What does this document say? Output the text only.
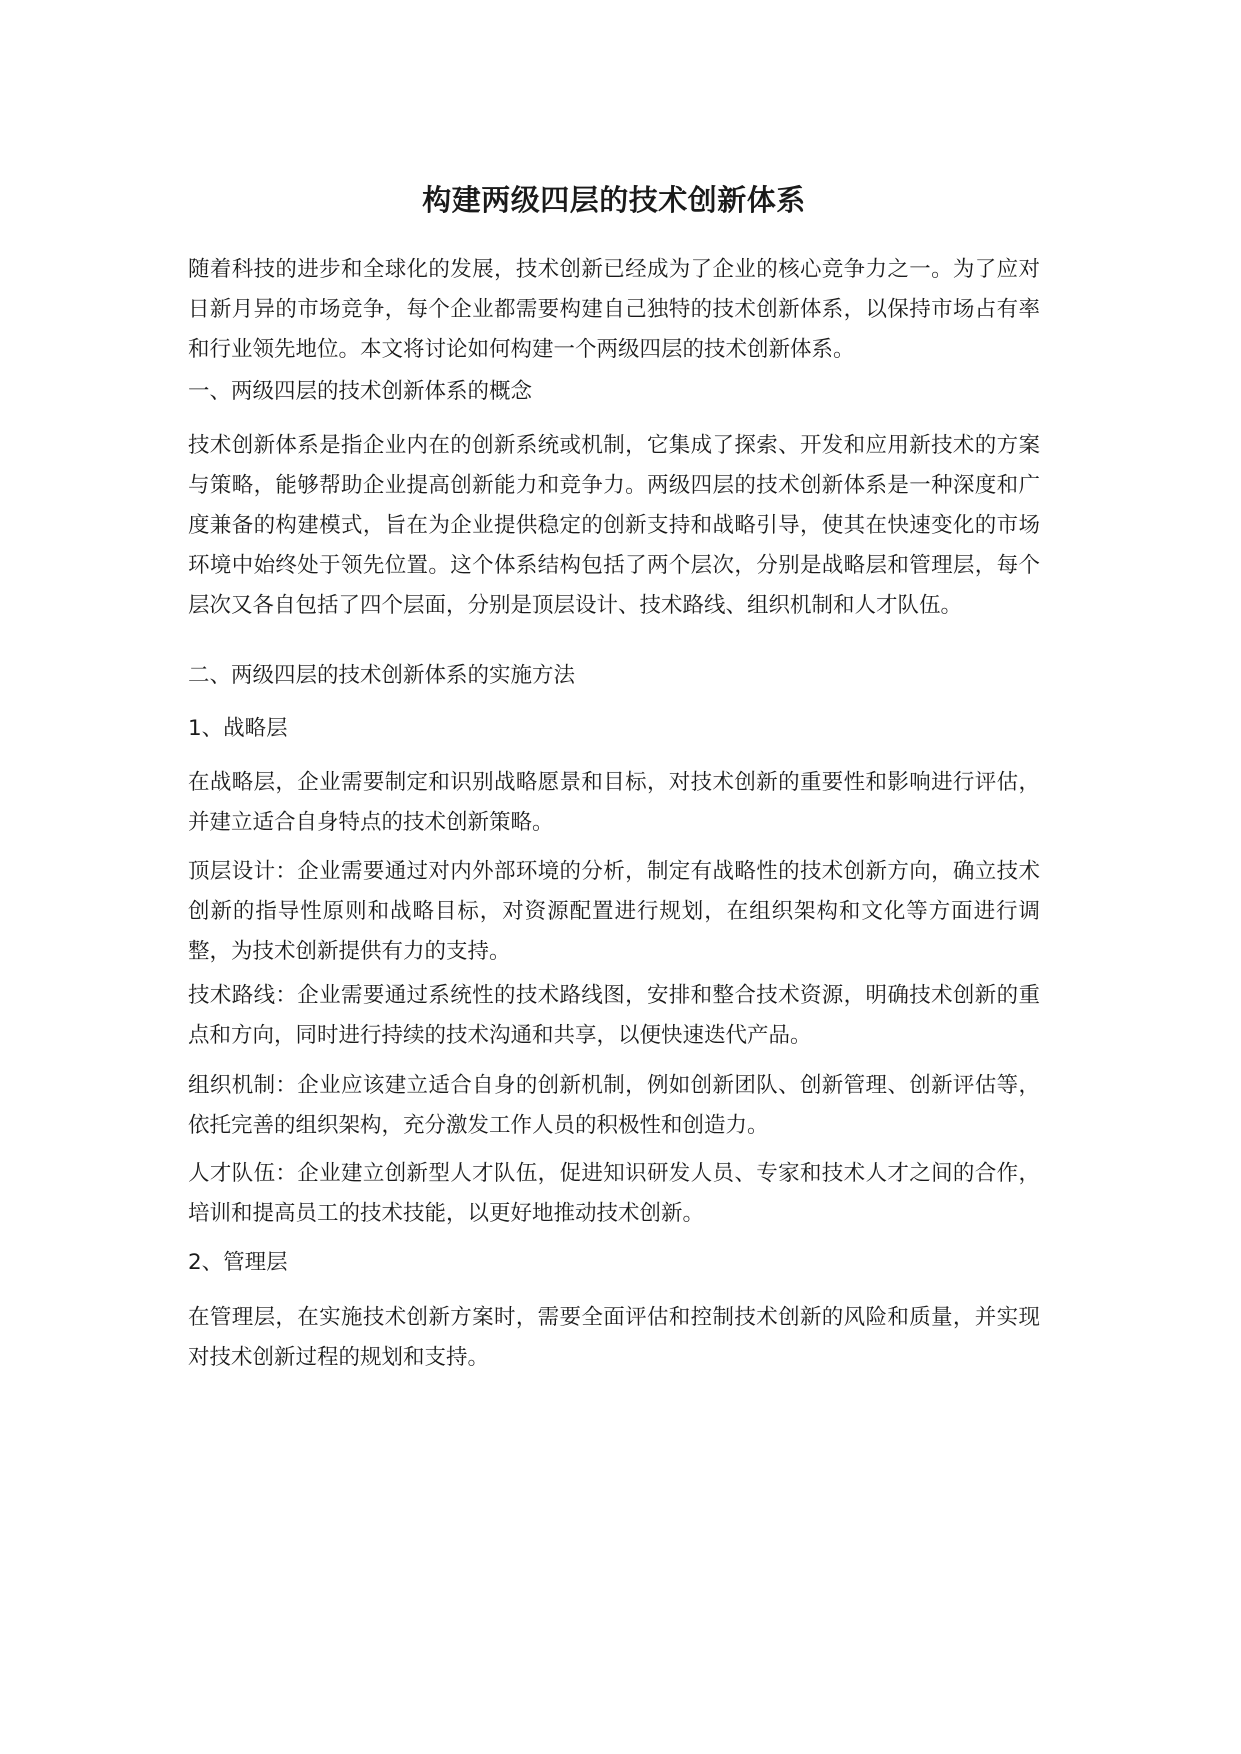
构建两级四层的技术创新体系

随着科技的进步和全球化的发展，技术创新已经成为了企业的核心竞争力之一。为了应对日新月异的市场竞争，每个企业都需要构建自己独特的技术创新体系，以保持市场占有率和行业领先地位。本文将讨论如何构建一个两级四层的技术创新体系。

一、两级四层的技术创新体系的概念

技术创新体系是指企业内在的创新系统或机制，它集成了探索、开发和应用新技术的方案与策略，能够帮助企业提高创新能力和竞争力。两级四层的技术创新体系是一种深度和广度兼备的构建模式，旨在为企业提供稳定的创新支持和战略引导，使其在快速变化的市场环境中始终处于领先位置。这个体系结构包括了两个层次，分别是战略层和管理层，每个层次又各自包括了四个层面，分别是顶层设计、技术路线、组织机制和人才队伍。

二、两级四层的技术创新体系的实施方法

1、战略层

在战略层，企业需要制定和识别战略愿景和目标，对技术创新的重要性和影响进行评估，并建立适合自身特点的技术创新策略。

顶层设计：企业需要通过对内外部环境的分析，制定有战略性的技术创新方向，确立技术创新的指导性原则和战略目标，对资源配置进行规划，在组织架构和文化等方面进行调整，为技术创新提供有力的支持。

技术路线：企业需要通过系统性的技术路线图，安排和整合技术资源，明确技术创新的重点和方向，同时进行持续的技术沟通和共享，以便快速迭代产品。

组织机制：企业应该建立适合自身的创新机制，例如创新团队、创新管理、创新评估等，依托完善的组织架构，充分激发工作人员的积极性和创造力。

人才队伍：企业建立创新型人才队伍，促进知识研发人员、专家和技术人才之间的合作，培训和提高员工的技术技能，以更好地推动技术创新。

2、管理层

在管理层，在实施技术创新方案时，需要全面评估和控制技术创新的风险和质量，并实现对技术创新过程的规划和支持。
